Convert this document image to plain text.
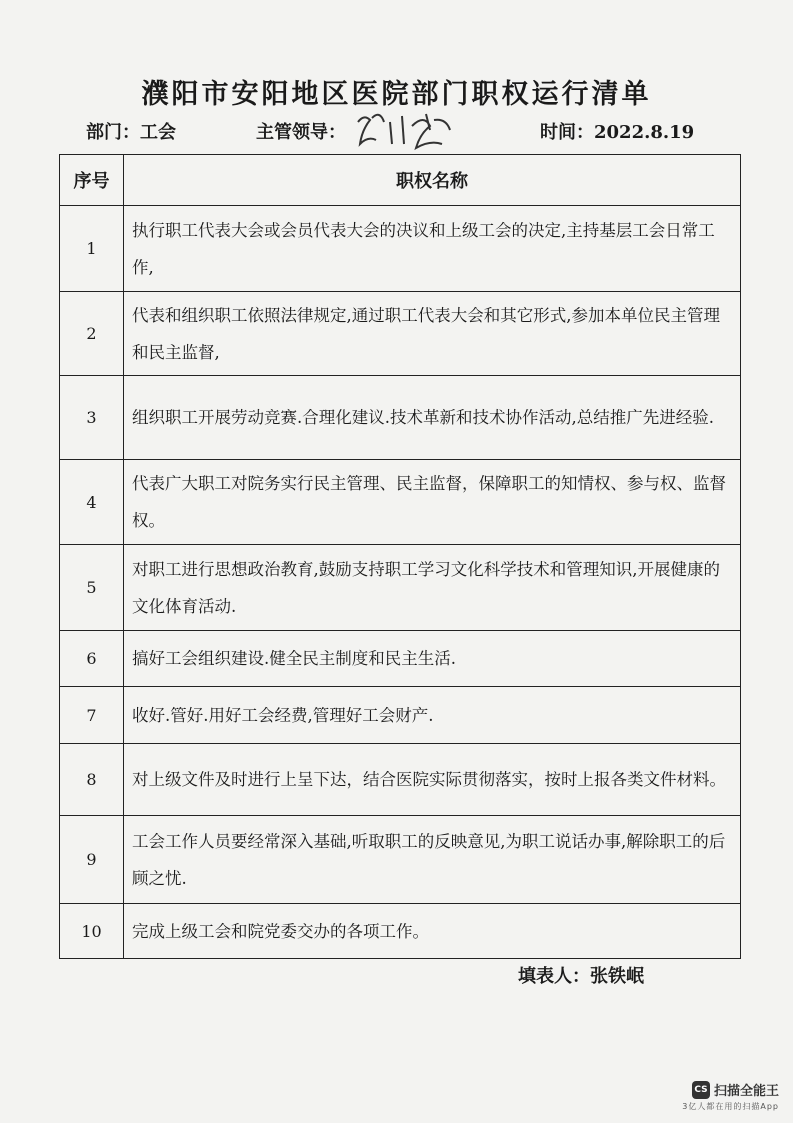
濮阳市安阳地区医院部门职权运行清单
部门：工会	主管领导：	时间：2022.8.19
序号	职权名称
1	执行职工代表大会或会员代表大会的决议和上级工会的决定,主持基层工会日常工作,
2	代表和组织职工依照法律规定,通过职工代表大会和其它形式,参加本单位民主管理和民主监督,
3	组织职工开展劳动竞赛.合理化建议.技术革新和技术协作活动,总结推广先进经验.
4	代表广大职工对院务实行民主管理、民主监督，保障职工的知情权、参与权、监督权。
5	对职工进行思想政治教育,鼓励支持职工学习文化科学技术和管理知识,开展健康的文化体育活动.
6	搞好工会组织建设.健全民主制度和民主生活.
7	收好.管好.用好工会经费,管理好工会财产.
8	对上级文件及时进行上呈下达，结合医院实际贯彻落实，按时上报各类文件材料。
9	工会工作人员要经常深入基础,听取职工的反映意见,为职工说话办事,解除职工的后顾之忧.
10	完成上级工会和院党委交办的各项工作。
填表人：张铁岷
CS 扫描全能王
3亿人都在用的扫描App
